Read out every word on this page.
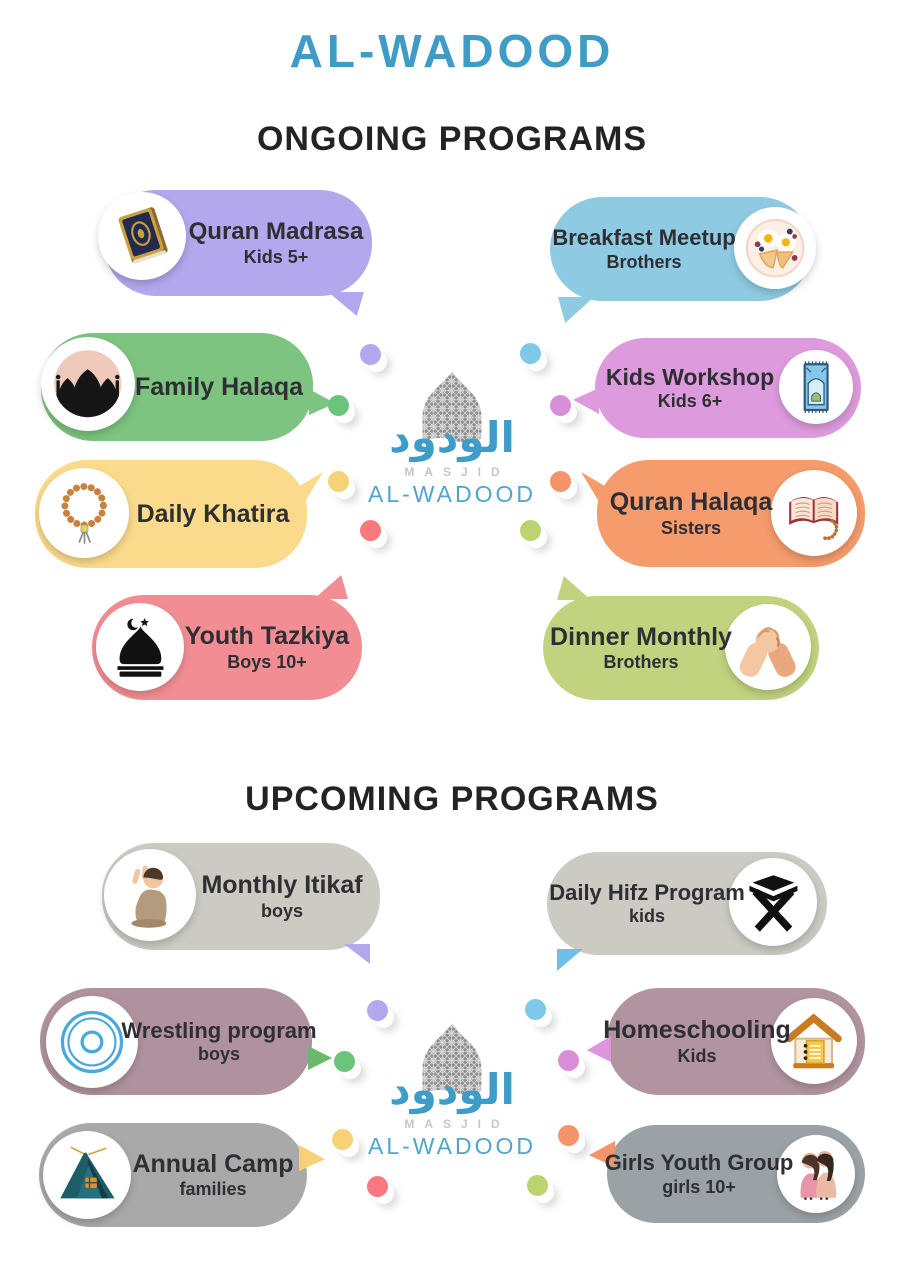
AL-WADOOD
ONGOING PROGRAMS
UPCOMING PROGRAMS
Quran Madrasa
Kids 5+
Breakfast Meetup
Brothers
Family Halaqa	Kids Workshop
Kids 6+
Daily Khatira	Quran Halaqa
Sisters
Youth Tazkiya
Boys 10+
Dinner Monthly
Brothers
Monthly Itikaf
boys
Daily Hifz Program
kids
Wrestling program
boys
Homeschooling
Kids
Annual Camp
families
Girls Youth Group
girls 10+
الودود
MASJID
AL-WADOOD
الودود
MASJID
AL-WADOOD
